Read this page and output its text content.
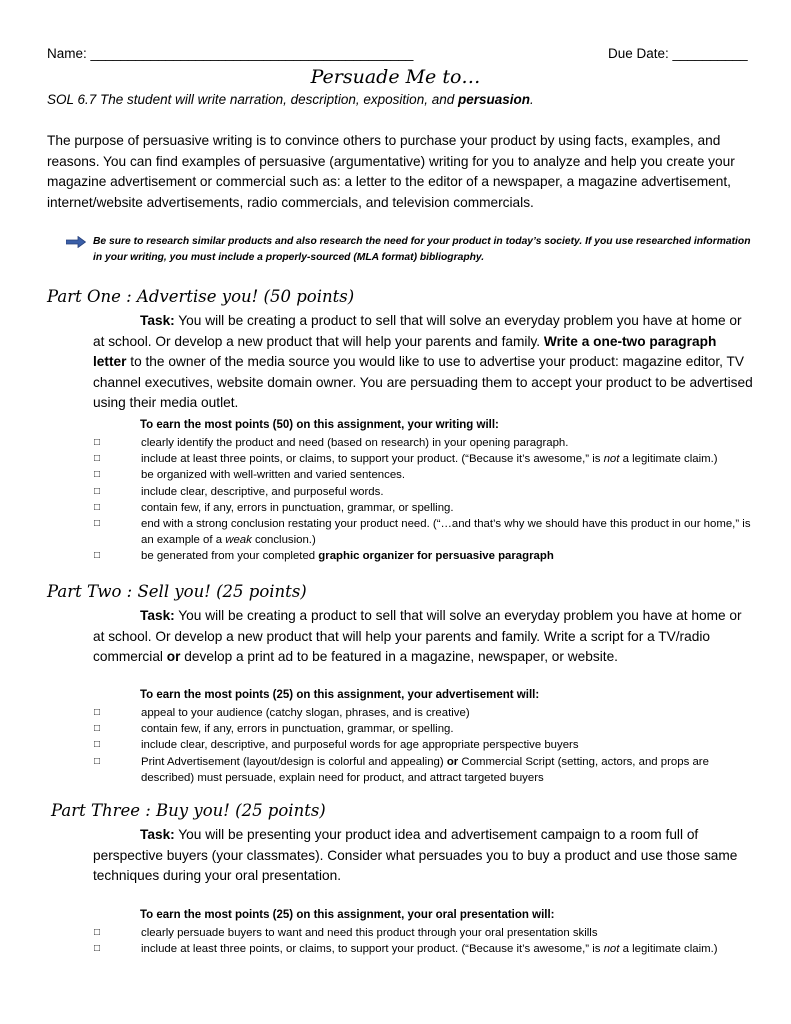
Name: ___________________________________________	Due Date: __________
Persuade Me to…
SOL 6.7 The student will write narration, description, exposition, and persuasion.
The purpose of persuasive writing is to convince others to purchase your product by using facts, examples, and reasons. You can find examples of persuasive (argumentative) writing for you to analyze and help you create your magazine advertisement or commercial such as: a letter to the editor of a newspaper, a magazine advertisement, internet/website advertisements, radio commercials, and television commercials.
Be sure to research similar products and also research the need for your product in today’s society. If you use researched information in your writing, you must include a properly-sourced (MLA format) bibliography.
Part One : Advertise you! (50 points)
Task: You will be creating a product to sell that will solve an everyday problem you have at home or at school. Or develop a new product that will help your parents and family. Write a one-two paragraph letter to the owner of the media source you would like to use to advertise your product: magazine editor, TV channel executives, website domain owner. You are persuading them to accept your product to be advertised using their media outlet.
To earn the most points (50) on this assignment, your writing will:
□	clearly identify the product and need (based on research) in your opening paragraph.
□	include at least three points, or claims, to support your product. (“Because it’s awesome,” is not a legitimate claim.)
□	be organized with well-written and varied sentences.
□	include clear, descriptive, and purposeful words.
□	contain few, if any, errors in punctuation, grammar, or spelling.
□	end with a strong conclusion restating your product need. (“…and that’s why we should have this product in our home,” is an example of a weak conclusion.)
□	be generated from your completed graphic organizer for persuasive paragraph
Part Two : Sell you! (25 points)
Task: You will be creating a product to sell that will solve an everyday problem you have at home or at school. Or develop a new product that will help your parents and family. Write a script for a TV/radio commercial or develop a print ad to be featured in a magazine, newspaper, or website.
To earn the most points (25) on this assignment, your advertisement will:
□	appeal to your audience (catchy slogan, phrases, and is creative)
□	contain few, if any, errors in punctuation, grammar, or spelling.
□	include clear, descriptive, and purposeful words for age appropriate perspective buyers
□	Print Advertisement (layout/design is colorful and appealing) or Commercial Script (setting, actors, and props are described) must persuade, explain need for product, and attract targeted buyers
Part Three : Buy you! (25 points)
Task: You will be presenting your product idea and advertisement campaign to a room full of perspective buyers (your classmates). Consider what persuades you to buy a product and use those same techniques during your oral presentation.
To earn the most points (25) on this assignment, your oral presentation will:
□	clearly persuade buyers to want and need this product through your oral presentation skills
□	include at least three points, or claims, to support your product. (“Because it’s awesome,” is not a legitimate claim.)
